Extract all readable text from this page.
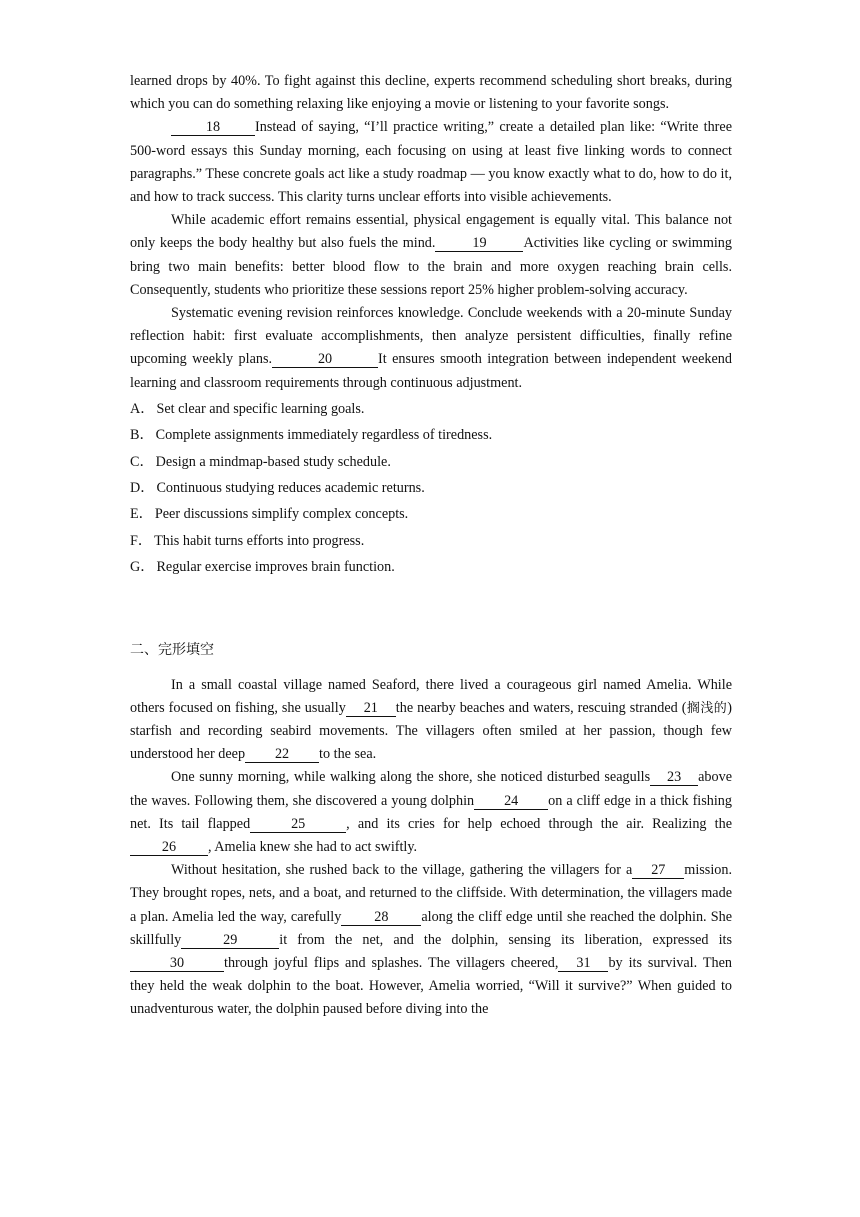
learned drops by 40%. To fight against this decline, experts recommend scheduling short breaks, during which you can do something relaxing like enjoying a movie or listening to your favorite songs.

18 Instead of saying, “I’ll practice writing,” create a detailed plan like: “Write three 500-word essays this Sunday morning, each focusing on using at least five linking words to connect paragraphs.” These concrete goals act like a study roadmap — you know exactly what to do, how to do it, and how to track success. This clarity turns unclear efforts into visible achievements.

While academic effort remains essential, physical engagement is equally vital. This balance not only keeps the body healthy but also fuels the mind.	19	Activities like cycling or swimming bring two main benefits: better blood flow to the brain and more oxygen reaching brain cells. Consequently, students who prioritize these sessions report 25% higher problem-solving accuracy.

Systematic evening revision reinforces knowledge. Conclude weekends with a 20-minute Sunday reflection habit: first evaluate accomplishments, then analyze persistent difficulties, finally refine upcoming weekly plans.	20	It ensures smooth integration between independent weekend learning and classroom requirements through continuous adjustment.

A． Set clear and specific learning goals.

B． Complete assignments immediately regardless of tiredness.

C． Design a mindmap-based study schedule.

D． Continuous studying reduces academic returns.

E． Peer discussions simplify complex concepts.

F． This habit turns efforts into progress.

G． Regular exercise improves brain function.

二、完形填空

In a small coastal village named Seaford, there lived a courageous girl named Amelia. While others focused on fishing, she usually 21 the nearby beaches and waters, rescuing stranded (搁浅的) starfish and recording seabird movements. The villagers often smiled at her passion, though few understood her deep 22 to the sea.

One sunny morning, while walking along the shore, she noticed disturbed seagulls 23 above the waves. Following them, she discovered a young dolphin 24 on a cliff edge in a thick fishing net. Its tail flapped	25	, and its cries for help echoed through the air. Realizing the26 , Amelia knew she had to act swiftly.

Without hesitation, she rushed back to the village, gathering the villagers for a 27 mission. They brought ropes, nets, and a boat, and returned to the cliffside. With determination, the villagers made a plan. Amelia led the way, carefully 28 along the cliff edge until she reached the dolphin. She skillfully	29	it from the net, and the dolphin, sensing its liberation, expressed its30	through joyful flips and splashes. The villagers cheered, 31 by its survival. Then they held the weak dolphin to the boat. However, Amelia worried, “Will it survive?” When guided to unadventurous water, the dolphin paused before diving into the
